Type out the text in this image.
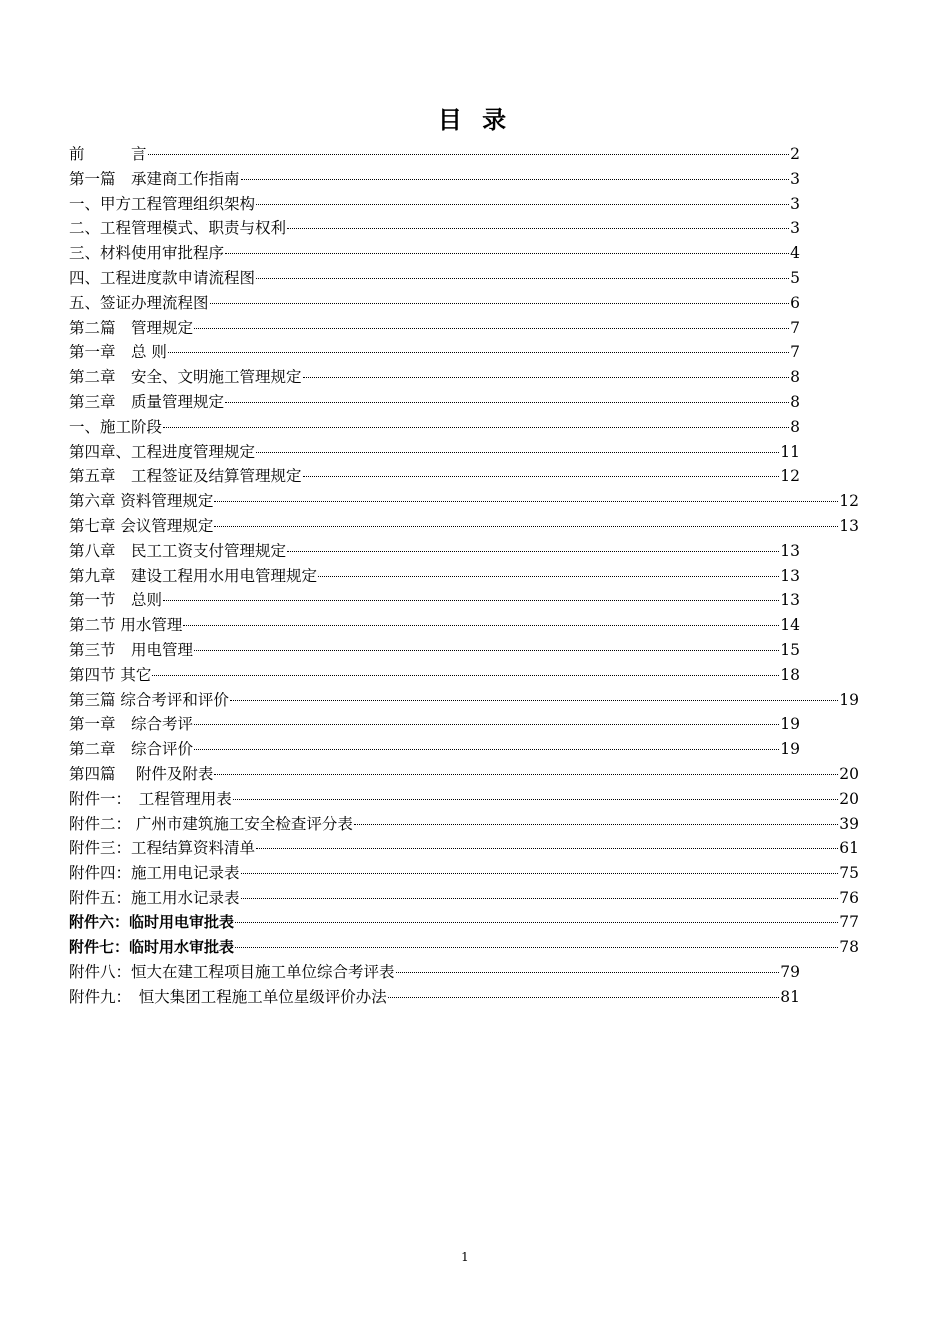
目 录
前　　　言	2
第一篇　承建商工作指南	3
一、甲方工程管理组织架构	3
二、工程管理模式、职责与权利	3
三、材料使用审批程序	4
四、工程进度款申请流程图	5
五、签证办理流程图	6
第二篇　管理规定	7
第一章　总 则	7
第二章　安全、文明施工管理规定	8
第三章　质量管理规定	8
一、施工阶段	8
第四章、工程进度管理规定	11
第五章　工程签证及结算管理规定	12
第六章 资料管理规定	12
第七章 会议管理规定	13
第八章　民工工资支付管理规定	13
第九章　建设工程用水用电管理规定	13
第一节　总则	13
第二节 用水管理	14
第三节　用电管理	15
第四节 其它	18
第三篇 综合考评和评价	19
第一章　综合考评	19
第二章　综合评价	19
第四篇　 附件及附表	20
附件一：　工程管理用表	20
附件二： 广州市建筑施工安全检查评分表	39
附件三：工程结算资料清单	61
附件四：施工用电记录表	75
附件五：施工用水记录表	76
附件六：临时用电审批表	77
附件七：临时用水审批表	78
附件八：恒大在建工程项目施工单位综合考评表	79
附件九：　恒大集团工程施工单位星级评价办法	81
1
